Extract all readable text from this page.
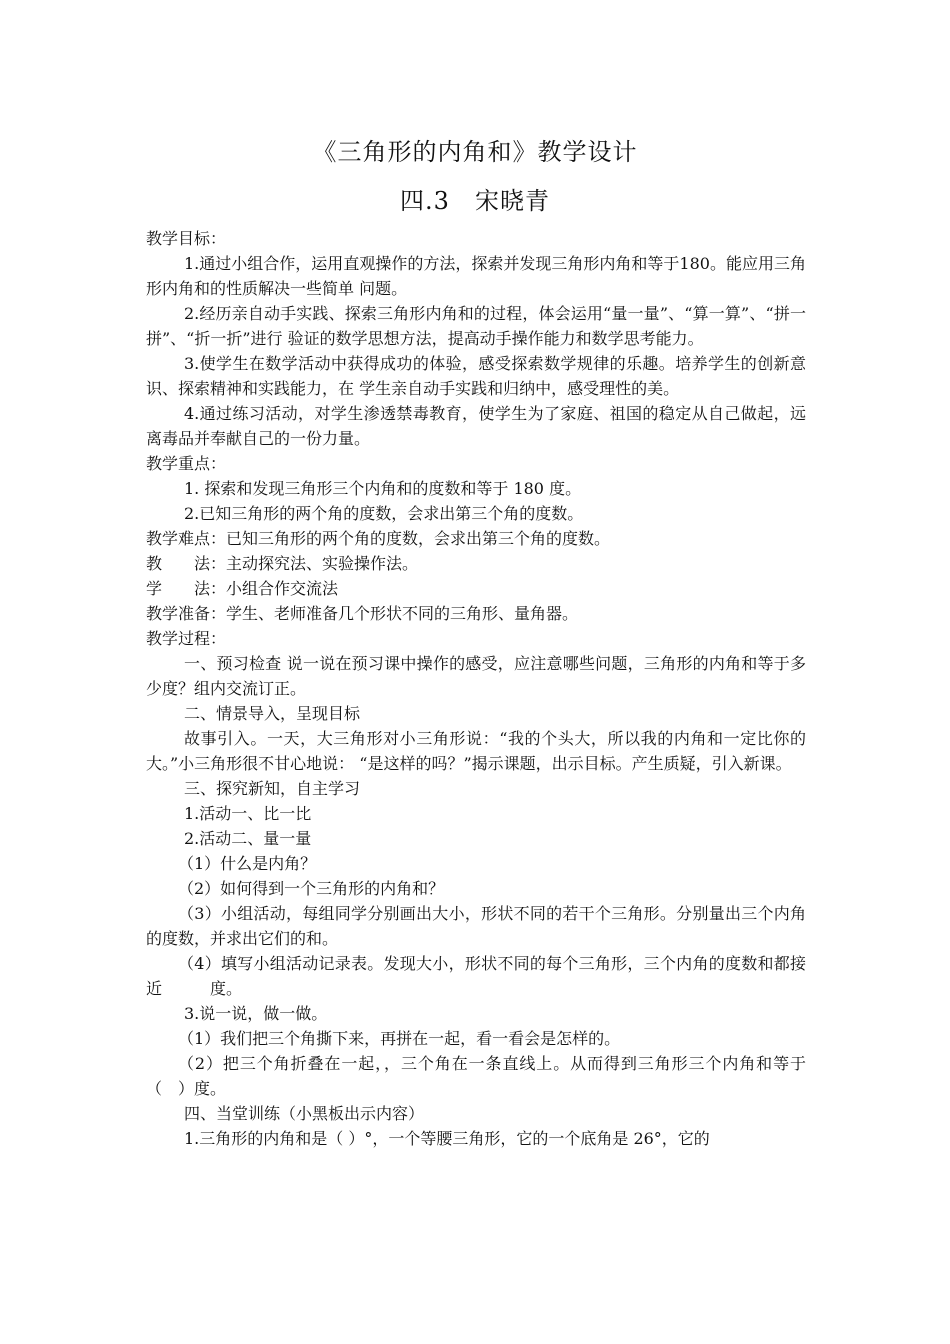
《三角形的内角和》教学设计
四.3　宋晓青
教学目标：
1.通过小组合作，运用直观操作的方法，探索并发现三角形内角和等于180。能应用三角形内角和的性质解决一些简单 问题。
2.经历亲自动手实践、探索三角形内角和的过程，体会运用“量一量”、“算一算”、“拼一拼”、“折一折”进行 验证的数学思想方法，提高动手操作能力和数学思考能力。
3.使学生在数学活动中获得成功的体验，感受探索数学规律的乐趣。培养学生的创新意识、探索精神和实践能力，在 学生亲自动手实践和归纳中，感受理性的美。
4.通过练习活动，对学生渗透禁毒教育，使学生为了家庭、祖国的稳定从自己做起，远离毒品并奉献自己的一份力量。
教学重点：
1. 探索和发现三角形三个内角和的度数和等于 180 度。
2.已知三角形的两个角的度数，会求出第三个角的度数。
教学难点：已知三角形的两个角的度数，会求出第三个角的度数。
教　　法：主动探究法、实验操作法。
学　　法：小组合作交流法
教学准备：学生、老师准备几个形状不同的三角形、量角器。
教学过程：
一、预习检查 说一说在预习课中操作的感受，应注意哪些问题，三角形的内角和等于多少度？组内交流订正。
二、情景导入，呈现目标
故事引入。一天，大三角形对小三角形说：“我的个头大，所以我的内角和一定比你的大。”小三角形很不甘心地说： “是这样的吗？”揭示课题，出示目标。产生质疑，引入新课。
三、探究新知，自主学习
1.活动一、比一比
2.活动二、量一量
（1）什么是内角？
（2）如何得到一个三角形的内角和？
（3）小组活动，每组同学分别画出大小，形状不同的若干个三角形。分别量出三个内角的度数，并求出它们的和。
（4）填写小组活动记录表。发现大小，形状不同的每个三角形，三个内角的度数和都接近　　　度。
3.说一说，做一做。
（1）我们把三个角撕下来，再拼在一起，看一看会是怎样的。
（2）把三个角折叠在一起，，三个角在一条直线上。从而得到三角形三个内角和等于（　）度。
四、当堂训练（小黑板出示内容）
1.三角形的内角和是（ ）°，一个等腰三角形，它的一个底角是 26°，它的
